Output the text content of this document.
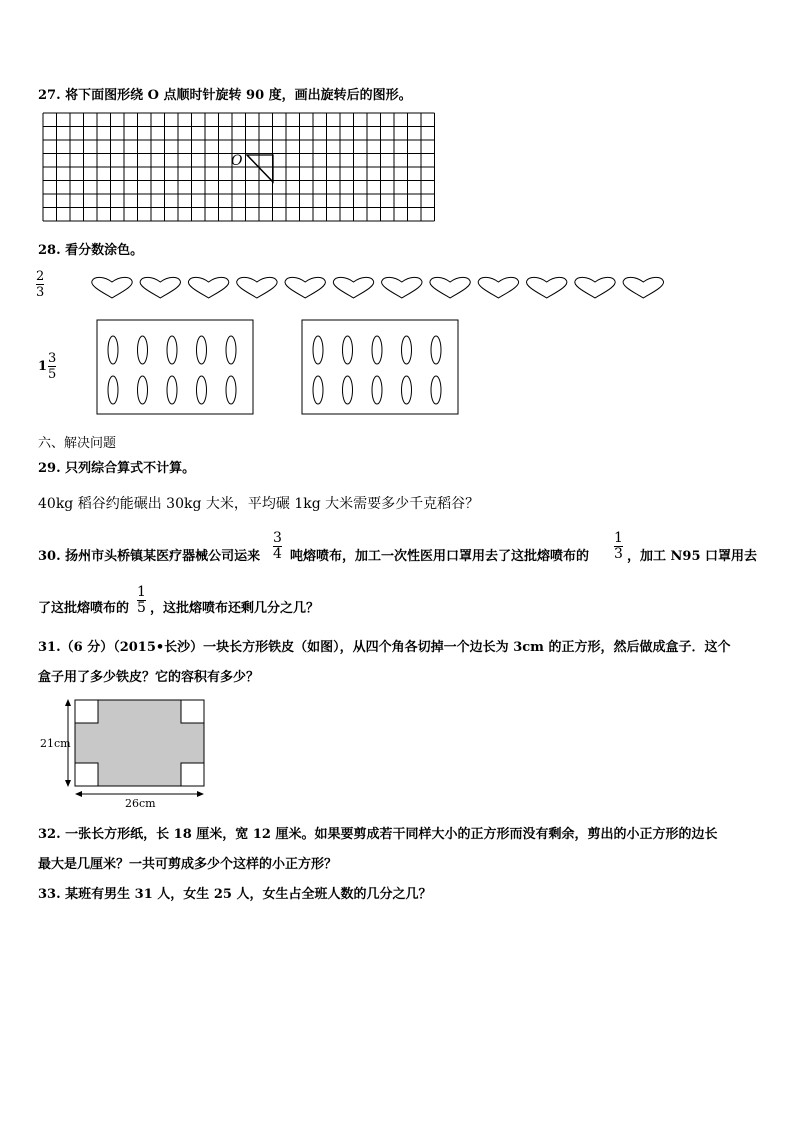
27. 将下面图形绕 O 点顺时针旋转 90 度，画出旋转后的图形。
O
28. 看分数涂色。
$\frac{2}{3}$
$1 \frac{3}{5}$
六、解决问题
29. 只列综合算式不计算。
40kg 稻谷约能碾出 30kg 大米，平均碾 1kg 大米需要多少千克稻谷？
30. 扬州市头桥镇某医疗器械公司运来 $\frac{3}{4}$ 吨熔喷布，加工一次性医用口罩用去了这批熔喷布的 $\frac{1}{3}$ ，加工 N95 口罩用去
了这批熔喷布的 $\frac{1}{5}$ ，这批熔喷布还剩几分之几？
31.（6 分）（2015•长沙）一块长方形铁皮（如图），从四个角各切掉一个边长为 3cm 的正方形，然后做成盒子．这个
盒子用了多少铁皮？它的容积有多少？
21cm
26cm
32. 一张长方形纸，长 18 厘米，宽 12 厘米。如果要剪成若干同样大小的正方形而没有剩余，剪出的小正方形的边长
最大是几厘米？一共可剪成多少个这样的小正方形？
33. 某班有男生 31 人，女生 25 人，女生占全班人数的几分之几？
